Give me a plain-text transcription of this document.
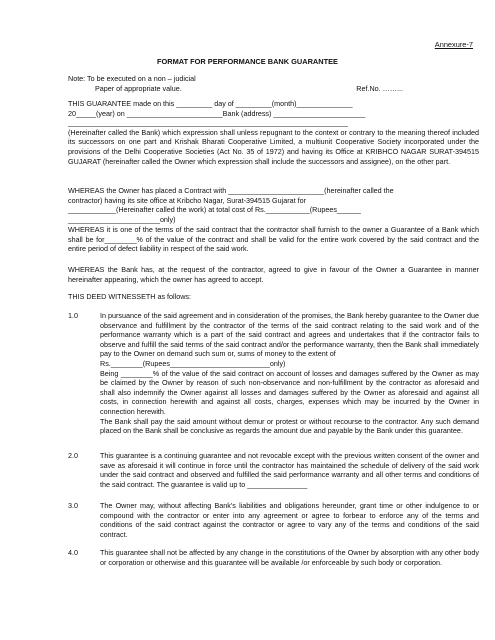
Annexure-7
FORMAT FOR PERFORMANCE BANK GUARANTEE
Note: To be executed on a non – judicial
Paper of appropriate value.	Ref.No. ……...

THIS GUARANTEE made on this _________ day of _________(month)______________

20_____(year) on ________________________Bank (address) _______________________

______________________________________________________________________

(Hereinafter called the Bank) which expression shall unless repugnant to the context or contrary to the meaning thereof included its successors on one part and Krishak Bharati Cooperative Limited, a multiunit Cooperative Society incorporated under the provisions of the Delhi Cooperative Societies (Act No. 35 of 1972) and having its Office at KRIBHCO NAGAR SURAT-394515 GUJARAT (hereinafter called the Owner which expression shall include the successors and assignee), on the other part.

WHEREAS the Owner has placed a Contract with ________________________(hereinafter called the

contractor) having its site office at Kribcho Nagar, Surat-394515 Gujarat for

____________(Hereinafter called the work) at total cost of Rs.___________(Rupees______

_______________________only)

WHEREAS it is one of the terms of the said contract that the contractor shall furnish to the owner a Guarantee of a Bank which shall be for________% of the value of the contract and shall be valid for the entire work covered by the said contract and the entire period of defect liability in respect of the said work.

WHEREAS the Bank has, at the request of the contractor, agreed to give in favour of the Owner a Guarantee in manner hereinafter appearing, which the owner has agreed to accept.

THIS DEED WITNESSETH as follows:

1.0	In pursuance of the said agreement and in consideration of the promises, the Bank hereby guarantee to the Owner due observance and fulfillment by the contractor of the terms of the said contract relating to the said work and of the performance warranty which is a part of the said contract and agrees and undertakes that if the contractor fails to observe and fulfill the said terms of the said contract and/or the performance warranty, then the Bank shall immediately pay to the Owner on demand such sum or, sums of money to the extent of
Rs.________(Rupees_________________________only)
Being ________% of the value of the said contract on account of losses and damages suffered by the Owner as may be claimed by the Owner by reason of such non-observance and non-fulfillment by the contractor as aforesaid and shall also indemnify the Owner against all losses and damages suffered by the Owner as aforesaid and against all costs, in connection herewith and against all costs, charges, expenses which may be incurred by the Owner in connection herewith.
The Bank shall pay the said amount without demur or protest or without recourse to the contractor. Any such demand placed on the Bank shall be conclusive as regards the amount due and payable by the Bank under this guarantee.
2.0	This guarantee is a continuing guarantee and not revocable except with the previous written consent of the owner and save as aforesaid it will continue in force until the contractor has maintained the schedule of delivery of the said work under the said contract and observed and fulfilled the said performance warranty and all other terms and conditions of the said contract. The guarantee is valid up to _______________
3.0	The Owner may, without affecting Bank’s liabilities and obligations hereunder, grant time or other indulgence to or compound with the contractor or enter into any agreement or agree to forbear to enforce any of the terms and conditions of the said contract against the contractor or agree to vary any of the terms and conditions of the said contract.
4.0	This guarantee shall not be affected by any change in the constitutions of the Owner by absorption with any other body or corporation or otherwise and this guarantee will be available /or enforceable by such body or corporation.
